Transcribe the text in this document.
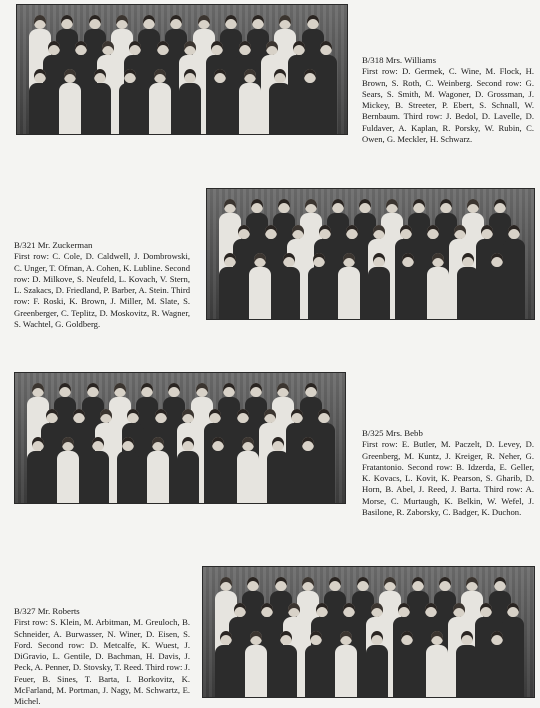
B/318 Mrs. Williams
First row: D. Germek, C. Wine, M. Flock, H. Brown, S. Roth, C. Weinberg. Second row: G. Sears, S. Smith, M. Wagoner, D. Grossman, J. Mickey, B. Streeter, P. Ebert, S. Schnall, W. Bernbaum. Third row: J. Bedol, D. Lavelle, D. Fuldaver, A. Kaplan, R. Porsky, W. Rubin, C. Owen, G. Meckler, H. Schwarz.
B/321 Mr. Zuckerman
First row: C. Cole, D. Caldwell, J. Dombrowski, C. Unger, T. Ofman, A. Cohen, K. Lubline. Second row: D. Milkove, S. Neufeld, L. Kovach, V. Stern, L. Szakacs, D. Friedland, P. Barber, A. Stein. Third row: F. Roski, K. Brown, J. Miller, M. Slate, S. Greenberger, C. Teplitz, D. Moskovitz, R. Wagner, S. Wachtel, G. Goldberg.
B/325 Mrs. Bebb
First row: E. Butler, M. Paczelt, D. Levey, D. Greenberg, M. Kuntz, J. Kreiger, R. Neher, G. Fratantonio. Second row: B. Idzerda, E. Geller, K. Kovacs, L. Kovit, K. Pearson, S. Gharib, D. Horn, B. Abel, J. Reed, J. Barta. Third row: A. Morse, C. Murtaugh, K. Belkin, W. Wefel, J. Basilone, R. Zaborsky, C. Badger, K. Duchon.
B/327 Mr. Roberts
First row: S. Klein, M. Arbitman, M. Greuloch, B. Schneider, A. Burwasser, N. Winer, D. Eisen, S. Ford. Second row: D. Metcalfe, K. Wuest, J. DiGravio, L. Gentile, D. Bachman, H. Davis, J. Peck, A. Penner, D. Stovsky, T. Reed. Third row: J. Feuer, B. Sines, T. Barta, I. Borkovitz, K. McFarland, M. Portman, J. Nagy, M. Schwartz, E. Michel.
